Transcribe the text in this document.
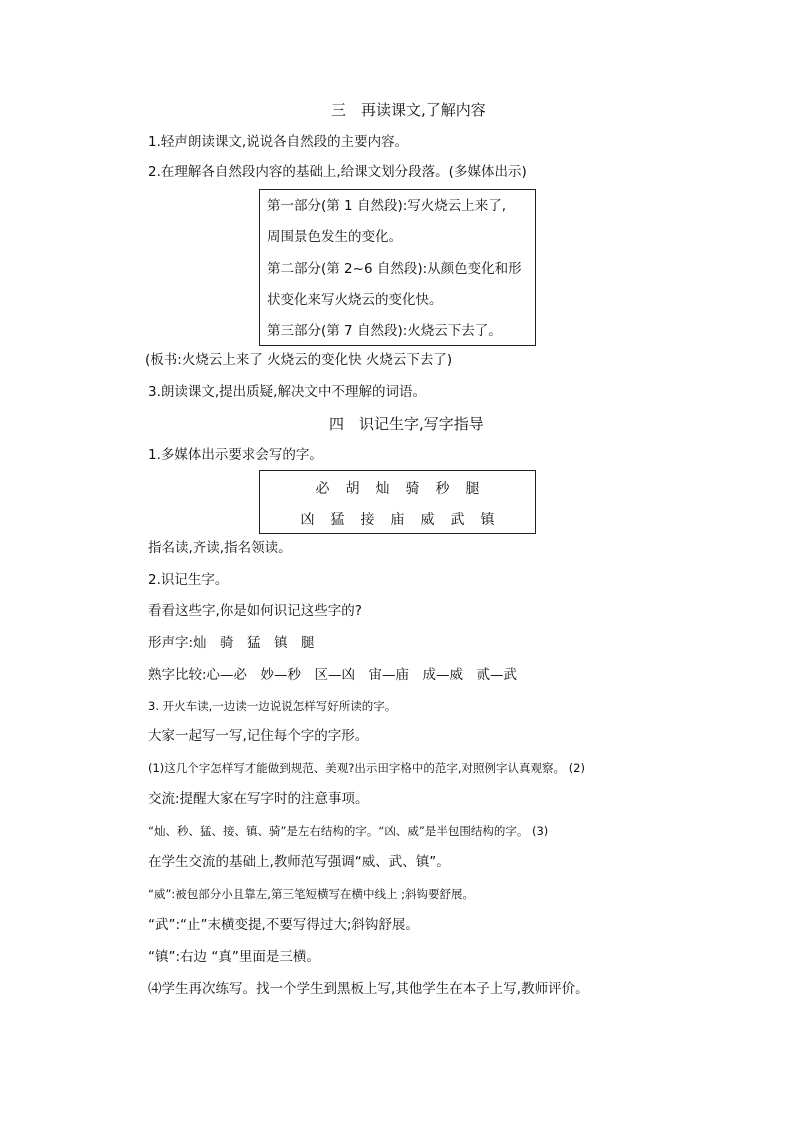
三　再读课文,了解内容
1.轻声朗读课文,说说各自然段的主要内容。
2.在理解各自然段内容的基础上,给课文划分段落。(多媒体出示)

第一部分(第 1 自然段):写火烧云上来了,

周围景色发生的变化。

第二部分(第 2~6 自然段):从颜色变化和形

状变化来写火烧云的变化快。

第三部分(第 7 自然段):火烧云下去了。

(板书:火烧云上来了 火烧云的变化快 火烧云下去了)
3.朗读课文,提出质疑,解决文中不理解的词语。
四　识记生字,写字指导
1.多媒体出示要求会写的字。
必 胡 灿 骑 秒 腿
凶 猛 接 庙 威 武 镇
指名读,齐读,指名领读。
2.识记生字。
看看这些字,你是如何识记这些字的?
形声字:灿　骑　猛　镇　腿
熟字比较:心—必　妙—秒　区—凶　宙—庙　成—威　贰—武
3. 开火车读,一边读一边说说怎样写好所读的字。
大家一起写一写,记住每个字的字形。
(1)这几个字怎样写才能做到规范、美观?出示田字格中的范字,对照例字认真观察。 (2)
交流:提醒大家在写字时的注意事项。
“灿、秒、猛、接、镇、骑”是左右结构的字。“凶、威”是半包围结构的字。 (3)
在学生交流的基础上,教师范写强调“威、武、镇”。
“威”:被包部分小且靠左,第三笔短横写在横中线上 ;斜钩要舒展。
“武”:“止”末横变提,不要写得过大;斜钩舒展。
“镇”:右边 “真”里面是三横。
⑷学生再次练写。找一个学生到黑板上写,其他学生在本子上写,教师评价。
